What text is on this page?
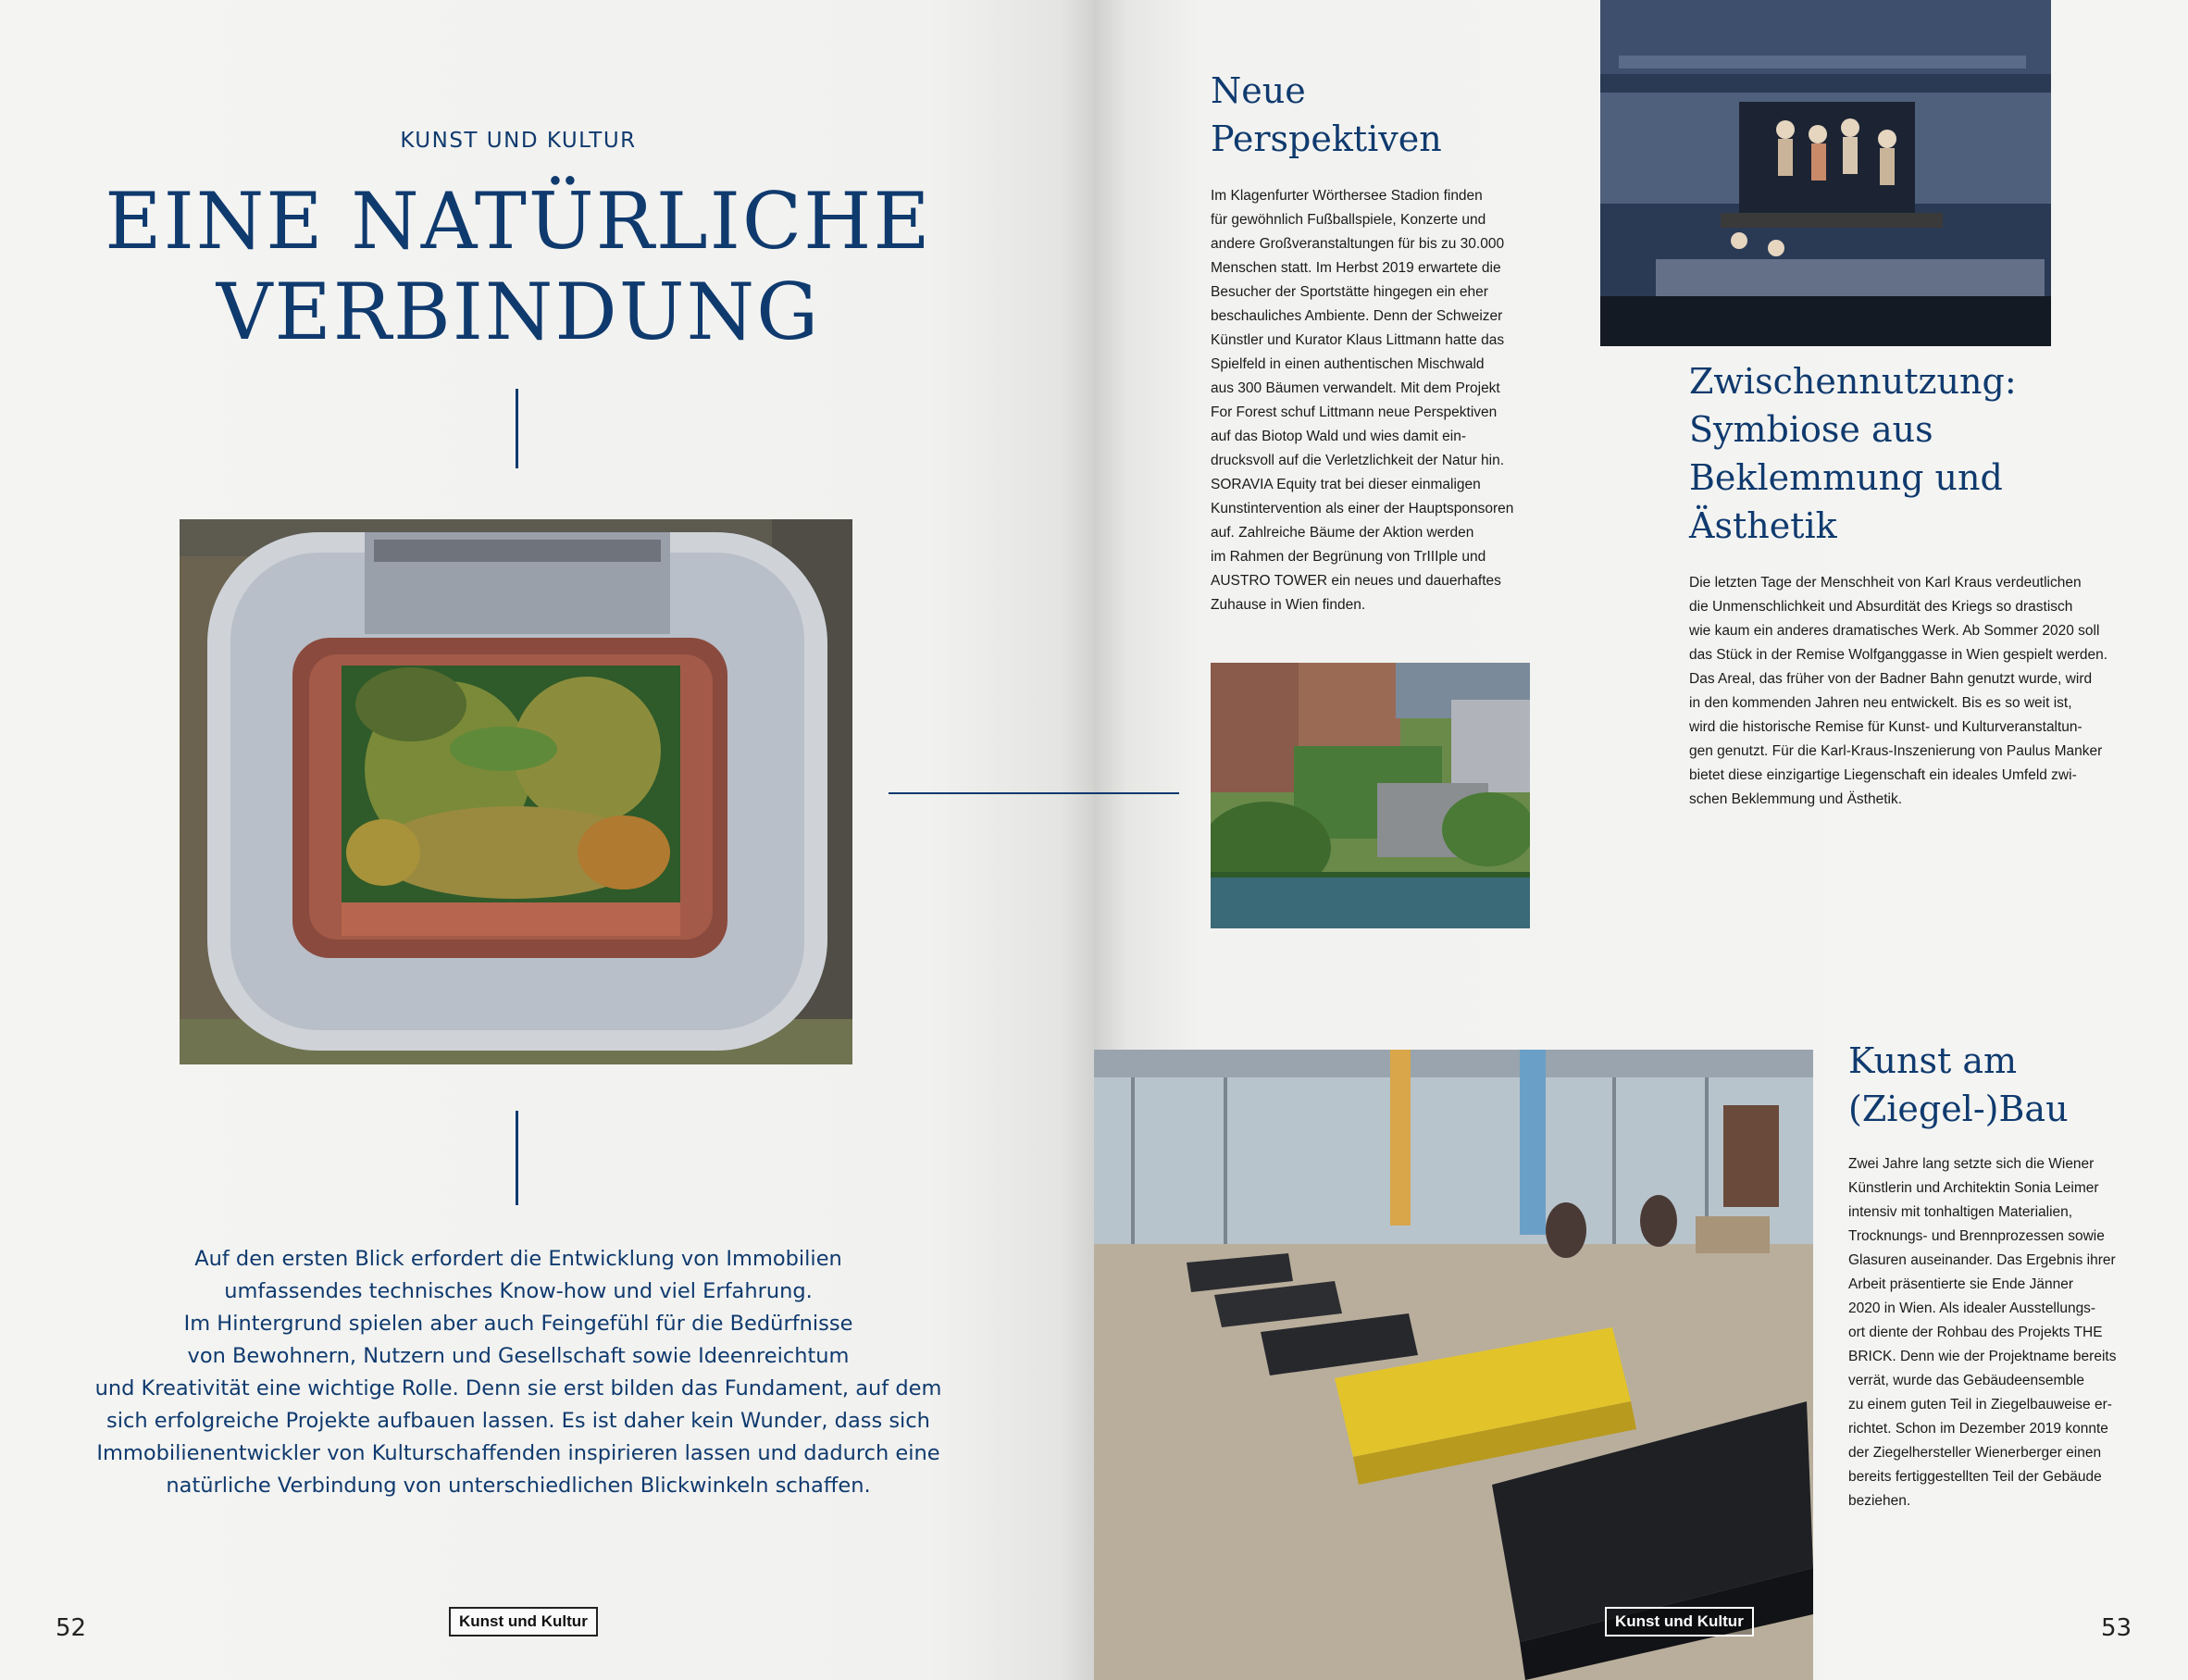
KUNST UND KULTUR
EINE NATÜRLICHE
VERBINDUNG

Auf den ersten Blick erfordert die Entwicklung von Immobilien
umfassendes technisches Know-how und viel Erfahrung.
Im Hintergrund spielen aber auch Feingefühl für die Bedürfnisse
von Bewohnern, Nutzern und Gesellschaft sowie Ideenreichtum
und Kreativität eine wichtige Rolle. Denn sie erst bilden das Fundament, auf dem
sich erfolgreiche Projekte aufbauen lassen. Es ist daher kein Wunder, dass sich
Immobilienentwickler von Kulturschaffenden inspirieren lassen und dadurch eine
natürliche Verbindung von unterschiedlichen Blickwinkeln schaffen.

52	Kunst und Kultur
Neue
Perspektiven

Im Klagenfurter Wörthersee Stadion finden
für gewöhnlich Fußballspiele, Konzerte und
andere Großveranstaltungen für bis zu 30.000
Menschen statt. Im Herbst 2019 erwartete die
Besucher der Sportstätte hingegen ein eher
beschauliches Ambiente. Denn der Schweizer
Künstler und Kurator Klaus Littmann hatte das
Spielfeld in einen authentischen Mischwald
aus 300 Bäumen verwandelt. Mit dem Projekt
For Forest schuf Littmann neue Perspektiven
auf das Biotop Wald und wies damit ein-
drucksvoll auf die Verletzlichkeit der Natur hin.
SORAVIA Equity trat bei dieser einmaligen
Kunstintervention als einer der Hauptsponsoren
auf. Zahlreiche Bäume der Aktion werden
im Rahmen der Begrünung von TrIIIple und
AUSTRO TOWER ein neues und dauerhaftes
Zuhause in Wien finden.

Zwischennutzung:
Symbiose aus
Beklemmung und
Ästhetik

Die letzten Tage der Menschheit von Karl Kraus verdeutlichen
die Unmenschlichkeit und Absurdität des Kriegs so drastisch
wie kaum ein anderes dramatisches Werk. Ab Sommer 2020 soll
das Stück in der Remise Wolfganggasse in Wien gespielt werden.
Das Areal, das früher von der Badner Bahn genutzt wurde, wird
in den kommenden Jahren neu entwickelt. Bis es so weit ist,
wird die historische Remise für Kunst- und Kulturveranstaltun-
gen genutzt. Für die Karl-Kraus-Inszenierung von Paulus Manker
bietet diese einzigartige Liegenschaft ein ideales Umfeld zwi-
schen Beklemmung und Ästhetik.

Kunst am
(Ziegel-)Bau

Zwei Jahre lang setzte sich die Wiener
Künstlerin und Architektin Sonia Leimer
intensiv mit tonhaltigen Materialien,
Trocknungs- und Brennprozessen sowie
Glasuren auseinander. Das Ergebnis ihrer
Arbeit präsentierte sie Ende Jänner
2020 in Wien. Als idealer Ausstellungs-
ort diente der Rohbau des Projekts THE
BRICK. Denn wie der Projektname bereits
verrät, wurde das Gebäudeensemble
zu einem guten Teil in Ziegelbauweise er-
richtet. Schon im Dezember 2019 konnte
der Ziegelhersteller Wienerberger einen
bereits fertiggestellten Teil der Gebäude
beziehen.

Kunst und Kultur	53
